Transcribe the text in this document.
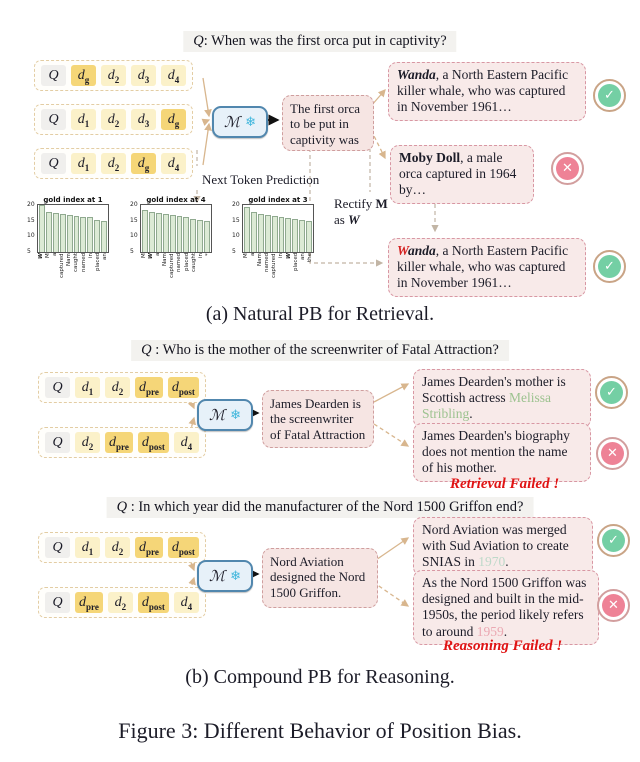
Q: When was the first orca put in captivity?
Q	$d_g$	$d_2$	$d_3$	$d_4$
Q	$d_1$	$d_2$	$d_3$	$d_g$
Q	$d_1$	$d_2$	$d_g$	$d_4$
ℳ ❄
The first orca to be put in captivity was
Next Token Prediction
Rectify M
as W
gold index at 1
5
10
15
20
W M a captured Nam caught named in placed an
gold index at 4
5
10
15
20
M W a Nam captured named placed caught in *
gold index at 3
5
10
15
20
M a Nam named captured in W placed an the
Wanda, a North Eastern Pacific killer whale, who was captured in November 1961…
✓
Moby Doll, a male orca captured in 1964 by…
✕
Wanda, a North Eastern Pacific killer whale, who was captured in November 1961…
✓
(a) Natural PB for Retrieval.
Q : Who is the mother of the screenwriter of Fatal Attraction?
Q	$d_1$	$d_2$	$d_{pre}$ $d_{post}$
Q	$d_2$	$d_{pre}$ $d_{post}$	$d_4$
ℳ ❄
James Dearden is the screenwriter of Fatal Attraction
James Dearden's mother is Scottish actress Melissa Stribling.
✓
James Dearden's biography does not mention the name of his mother.
✕
Retrieval Failed !
Q : In which year did the manufacturer of the Nord 1500 Griffon end?
Q	$d_1$	$d_2$	$d_{pre}$ $d_{post}$
Q	$d_{pre}$	$d_2$	$d_{post}$	$d_4$
ℳ ❄
Nord Aviation designed the Nord 1500 Griffon.
Nord Aviation was merged with Sud Aviation to create SNIAS in 1970.
✓
As the Nord 1500 Griffon was designed and built in the mid-1950s, the period likely refers to around 1959.
✕
Reasoning Failed !
(b) Compound PB for Reasoning.
Figure 3: Different Behavior of Position Bias.
